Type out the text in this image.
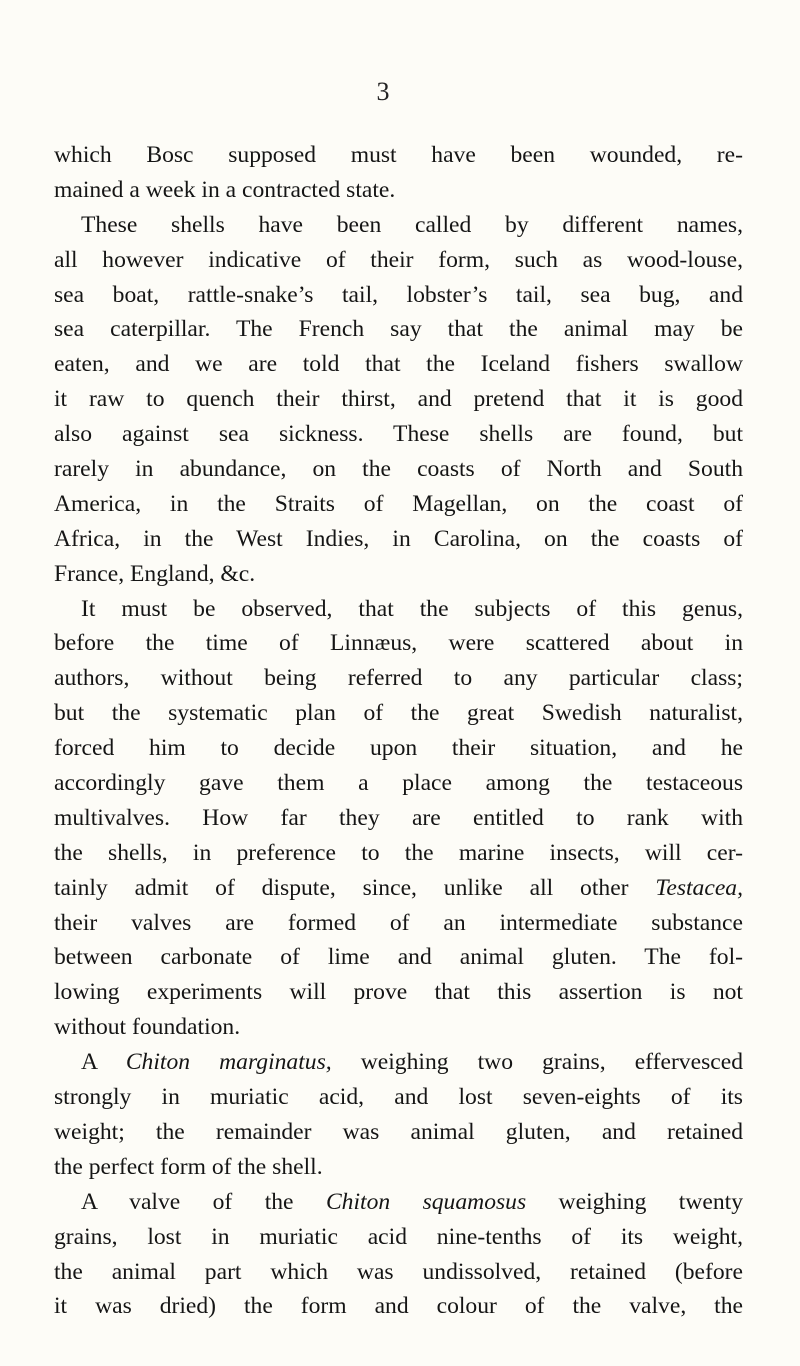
3
which Bosc supposed must have been wounded, re-
mained a week in a contracted state.
These shells have been called by different names,
all however indicative of their form, such as wood-louse,
sea boat, rattle-snake’s tail, lobster’s tail, sea bug, and
sea caterpillar. The French say that the animal may be
eaten, and we are told that the Iceland fishers swallow
it raw to quench their thirst, and pretend that it is good
also against sea sickness. These shells are found, but
rarely in abundance, on the coasts of North and South
America, in the Straits of Magellan, on the coast of
Africa, in the West Indies, in Carolina, on the coasts of
France, England, &c.
It must be observed, that the subjects of this genus,
before the time of Linnæus, were scattered about in
authors, without being referred to any particular class;
but the systematic plan of the great Swedish naturalist,
forced him to decide upon their situation, and he
accordingly gave them a place among the testaceous
multivalves. How far they are entitled to rank with
the shells, in preference to the marine insects, will cer-
tainly admit of dispute, since, unlike all other Testacea,
their valves are formed of an intermediate substance
between carbonate of lime and animal gluten. The fol-
lowing experiments will prove that this assertion is not
without foundation.
A Chiton marginatus, weighing two grains, effervesced
strongly in muriatic acid, and lost seven-eights of its
weight; the remainder was animal gluten, and retained
the perfect form of the shell.
A valve of the Chiton squamosus weighing twenty
grains, lost in muriatic acid nine-tenths of its weight,
the animal part which was undissolved, retained (before
it was dried) the form and colour of the valve, the
